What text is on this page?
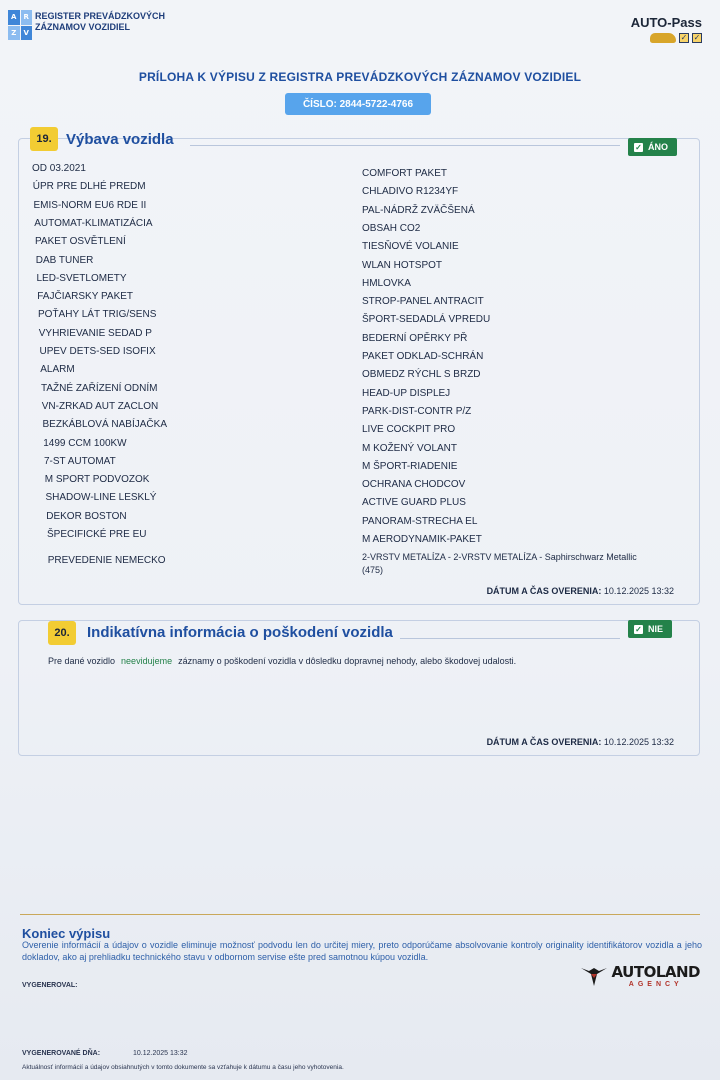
A	R
Z	V
REGISTER PREVÁDZKOVÝCH ZÁZNAMOV VOZIDIEL	AUTO-Pass
✓ ✓
PRÍLOHA K VÝPISU Z REGISTRA PREVÁDZKOVÝCH ZÁZNAMOV VOZIDIEL
ČÍSLO: 2844-5722-4766
19. Výbava vozidla	✓ ÁNO
DÁTUM A ČAS OVERENIA: 10.12.2025 13:32
20.	Indikatívna informácia o poškodení vozidla	✓ NIE
Pre dané vozidlo neevidujeme záznamy o poškodení vozidla v dôsledku dopravnej nehody, alebo škodovej udalosti.
DÁTUM A ČAS OVERENIA: 10.12.2025 13:32
Koniec výpisu
Overenie informácií a údajov o vozidle eliminuje možnosť podvodu len do určitej miery, preto odporúčame absolvovanie kontroly originality identifikátorov vozidla a jeho dokladov, ako aj prehliadku technického stavu v odbornom servise ešte pred samotnou kúpou vozidla.
VYGENEROVAL:
AUTOLAND
AGENCY
VYGENEROVANÉ DŇA:	10.12.2025 13:32
Aktuálnosť informácií a údajov obsiahnutých v tomto dokumente sa vzťahuje k dátumu a času jeho vyhotovenia.
OD 03.2021
ÚPR PRE DLHÉ PREDM
EMIS-NORM EU6 RDE II
AUTOMAT-KLIMATIZÁCIA
PAKET OSVĚTLENÍ
DAB TUNER
LED-SVETLOMETY
FAJČIARSKY PAKET
POŤAHY LÁT TRIG/SENS
VYHRIEVANIE SEDAD P
UPEV DETS-SED ISOFIX
ALARM
TAŽNÉ ZAŘÍZENÍ ODNÍM
VN-ZRKAD AUT ZACLON
BEZKÁBLOVÁ NABÍJAČKA
1499 CCM 100KW
7-ST AUTOMAT
M SPORT PODVOZOK
SHADOW-LINE LESKLÝ
DEKOR BOSTON
ŠPECIFICKÉ PRE EU
PREVEDENIE NEMECKO
COMFORT PAKET
CHLADIVO R1234YF
PAL-NÁDRŽ ZVÄČŠENÁ
OBSAH CO2
TIESŇOVÉ VOLANIE
WLAN HOTSPOT
HMLOVKA
STROP-PANEL ANTRACIT
ŠPORT-SEDADLÁ VPREDU
BEDERNÍ OPĚRKY PŘ
PAKET ODKLAD-SCHRÁN
OBMEDZ RÝCHL S BRZD
HEAD-UP DISPLEJ
PARK-DIST-CONTR P/Z
LIVE COCKPIT PRO
M KOŽENÝ VOLANT
M ŠPORT-RIADENIE
OCHRANA CHODCOV
ACTIVE GUARD PLUS
PANORAM-STRECHA EL
M AERODYNAMIK-PAKET
2-VRSTV METALÍZA - 2-VRSTV METALÍZA - Saphirschwarz Metallic
(475)
